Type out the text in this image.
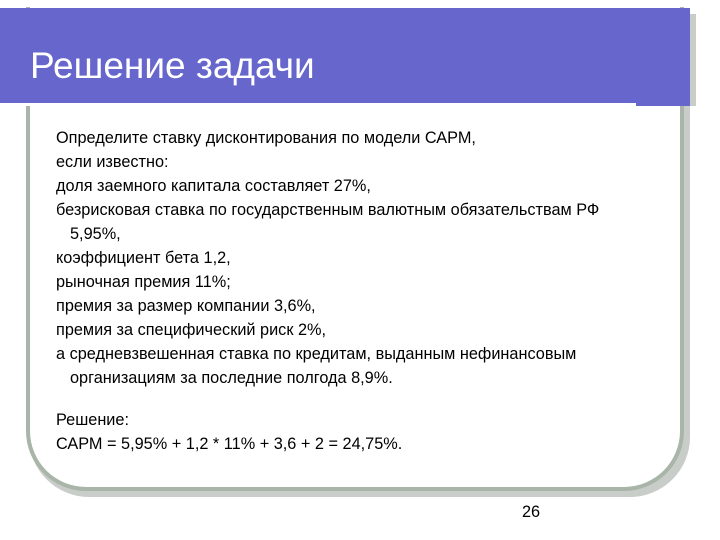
Решение задачи
Определите ставку дисконтирования по модели САРМ,
если известно:
доля заемного капитала составляет 27%,
безрисковая ставка по государственным валютным обязательствам РФ
5,95%,
коэффициент бета 1,2,
рыночная премия 11%;
премия за размер компании 3,6%,
премия за специфический риск 2%,
а средневзвешенная ставка по кредитам, выданным нефинансовым
организациям за последние полгода 8,9%.
Решение:
САРМ = 5,95% + 1,2 * 11% + 3,6 + 2 = 24,75%.
26
